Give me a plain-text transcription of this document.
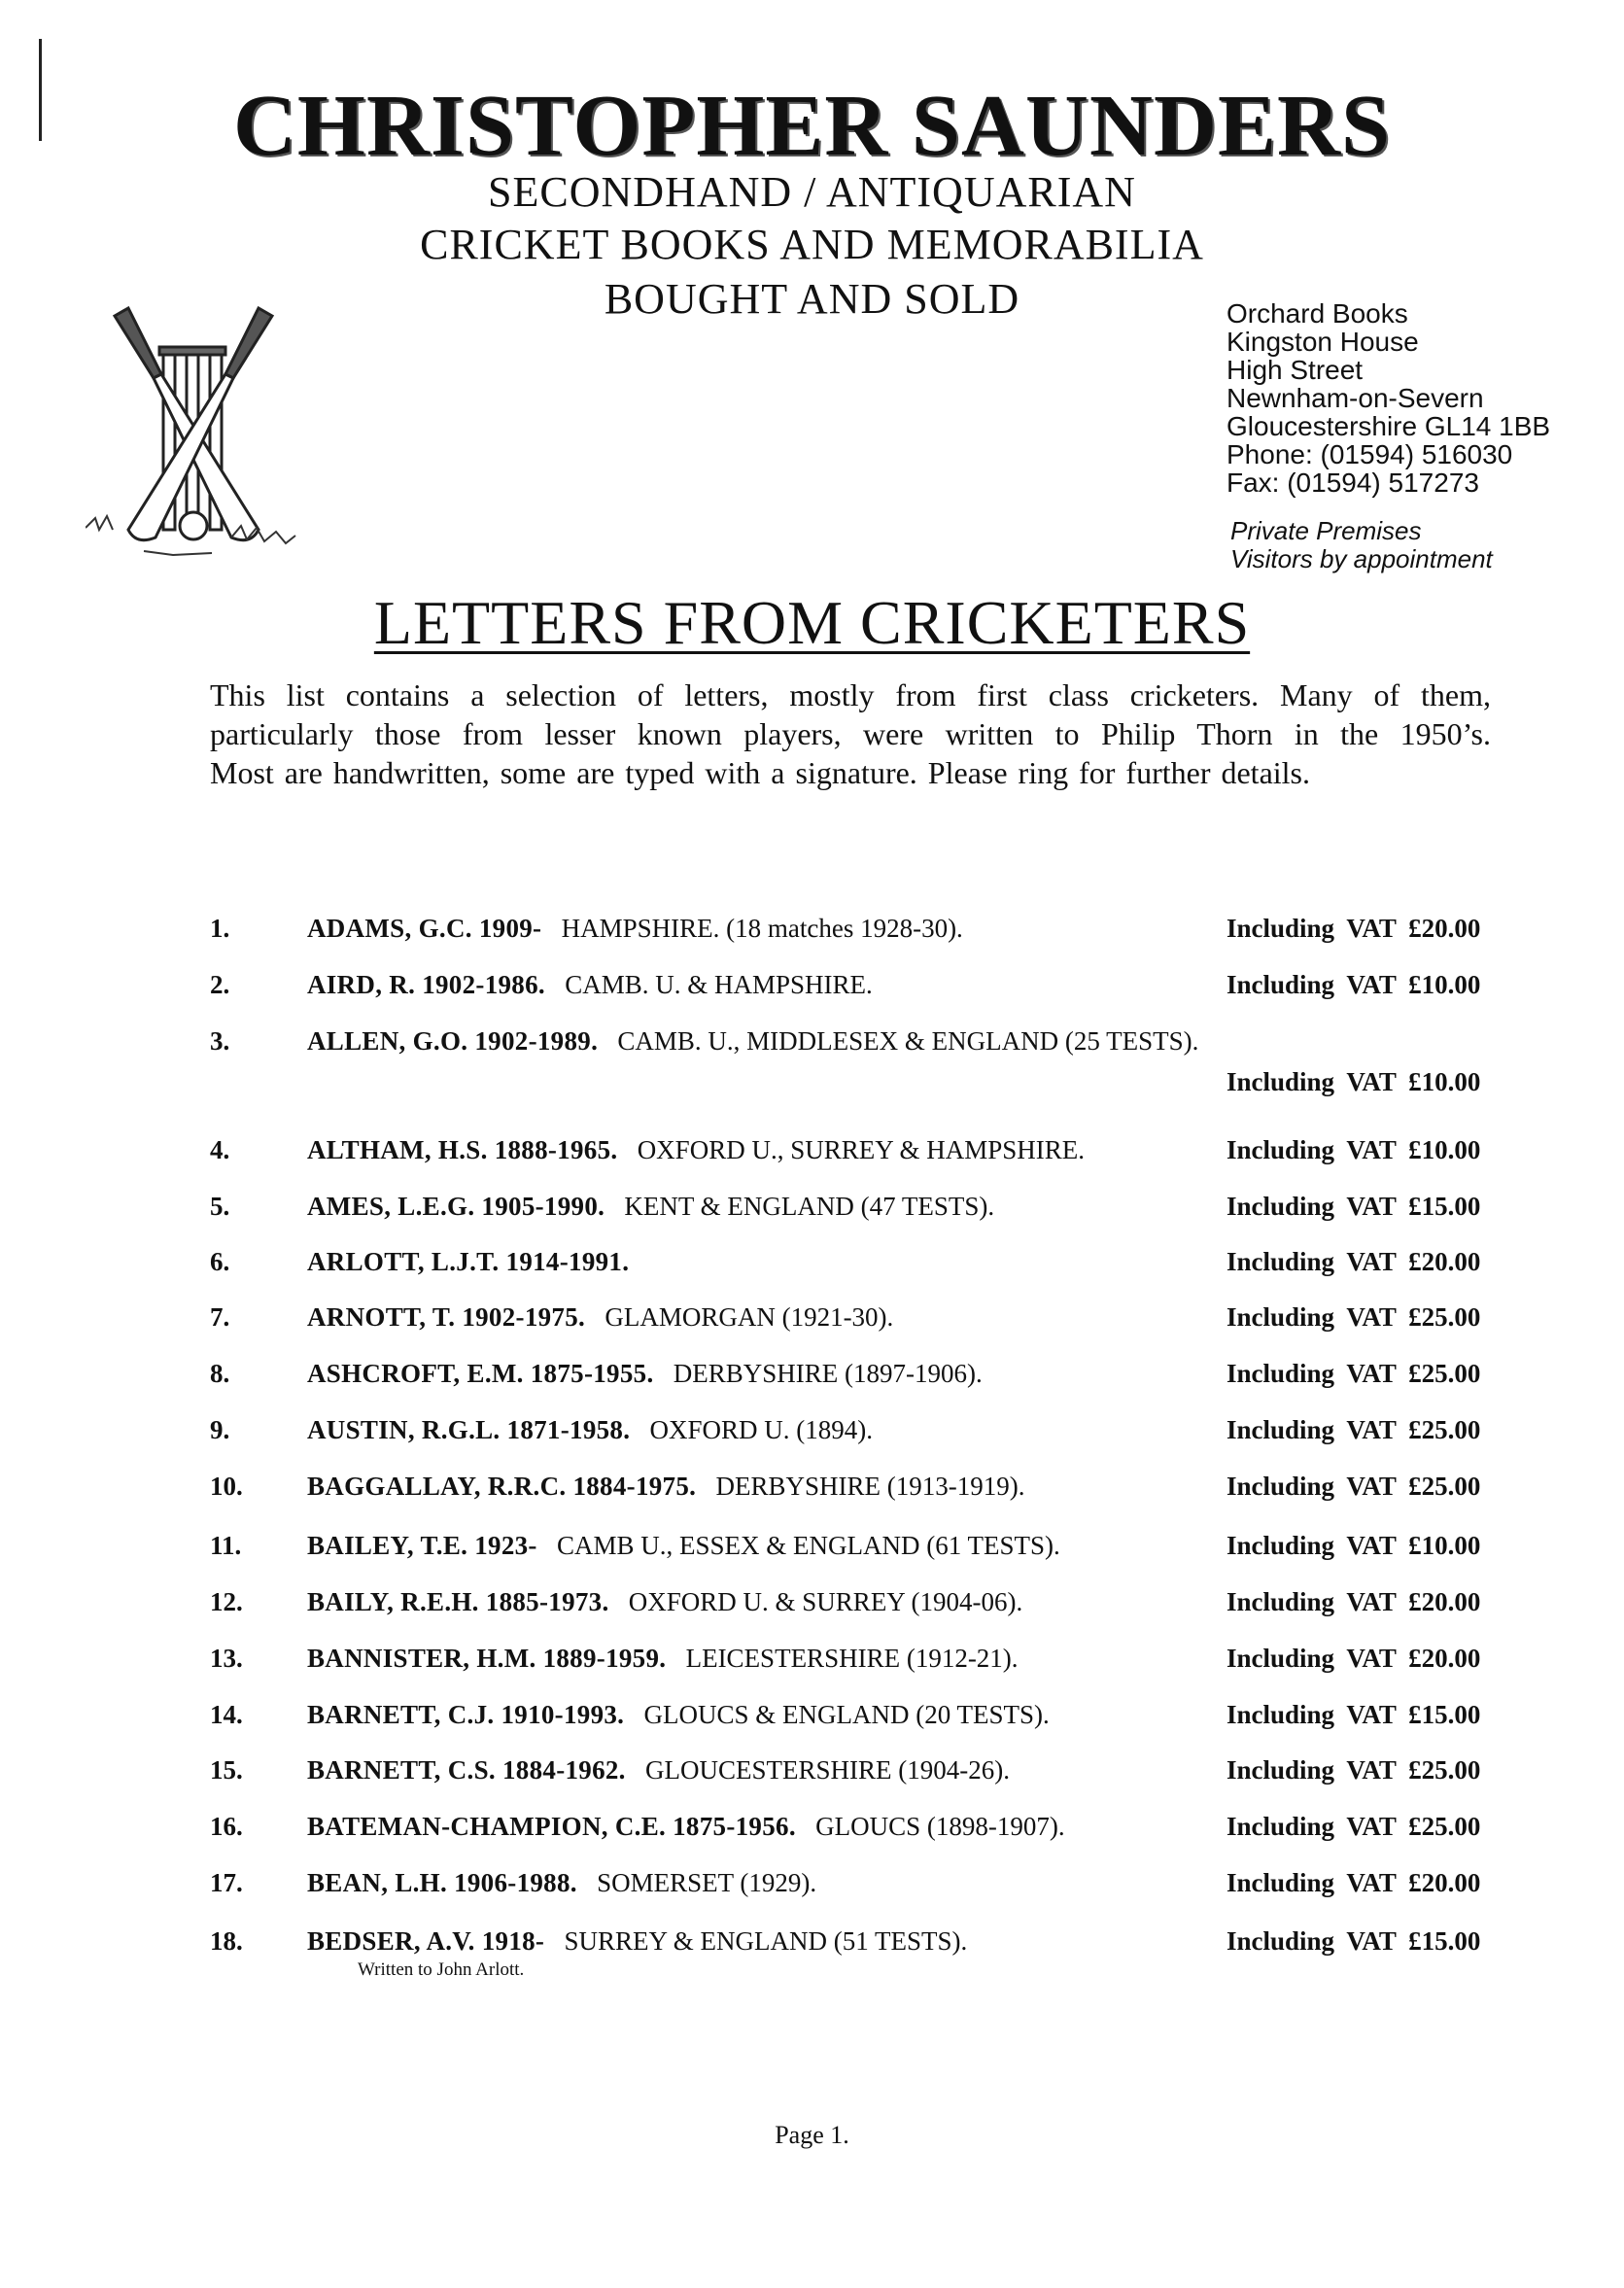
CHRISTOPHER SAUNDERS
SECONDHAND / ANTIQUARIAN
CRICKET BOOKS AND MEMORABILIA
BOUGHT AND SOLD	Orchard Books
Kingston House
High Street
Newnham-on-Severn
Gloucestershire GL14 1BB
Phone: (01594) 516030
Fax: (01594) 517273
Private Premises
Visitors by appointment
LETTERS FROM CRICKETERS
This list contains a selection of letters, mostly from first class cricketers. Many of them,
particularly those from lesser known players, were written to Philip Thorn in the 1950’s.
Most are handwritten, some are typed with a signature. Please ring for further details.
1.	ADAMS, G.C. 1909- HAMPSHIRE. (18 matches 1928-30).	Including VAT £20.00
2.	AIRD, R. 1902-1986. CAMB. U. & HAMPSHIRE.	Including VAT £10.00
3.	ALLEN, G.O. 1902-1989. CAMB. U., MIDDLESEX & ENGLAND (25 TESTS).
Including VAT £10.00
4.	ALTHAM, H.S. 1888-1965. OXFORD U., SURREY & HAMPSHIRE.	Including VAT £10.00
5.	AMES, L.E.G. 1905-1990. KENT & ENGLAND (47 TESTS).	Including VAT £15.00
6.	ARLOTT, L.J.T. 1914-1991.	Including VAT £20.00
7.	ARNOTT, T. 1902-1975. GLAMORGAN (1921-30).	Including VAT £25.00
8.	ASHCROFT, E.M. 1875-1955. DERBYSHIRE (1897-1906).	Including VAT £25.00
9.	AUSTIN, R.G.L. 1871-1958. OXFORD U. (1894).	Including VAT £25.00
10. BAGGALLAY, R.R.C. 1884-1975. DERBYSHIRE (1913-1919).	Including VAT £25.00
11.	BAILEY, T.E. 1923- CAMB U., ESSEX & ENGLAND (61 TESTS).	Including VAT £10.00
12. BAILY, R.E.H. 1885-1973. OXFORD U. & SURREY (1904-06).	Including VAT £20.00
13. BANNISTER, H.M. 1889-1959. LEICESTERSHIRE (1912-21).	Including VAT £20.00
14. BARNETT, C.J. 1910-1993. GLOUCS & ENGLAND (20 TESTS).	Including VAT £15.00
15. BARNETT, C.S. 1884-1962. GLOUCESTERSHIRE (1904-26).	Including VAT £25.00
16. BATEMAN-CHAMPION, C.E. 1875-1956. GLOUCS (1898-1907).	Including VAT £25.00
17. BEAN, L.H. 1906-1988. SOMERSET (1929).	Including VAT £20.00
18. BEDSER, A.V. 1918- SURREY & ENGLAND (51 TESTS).	Including VAT £15.00
Written to John Arlott.
Page 1.
